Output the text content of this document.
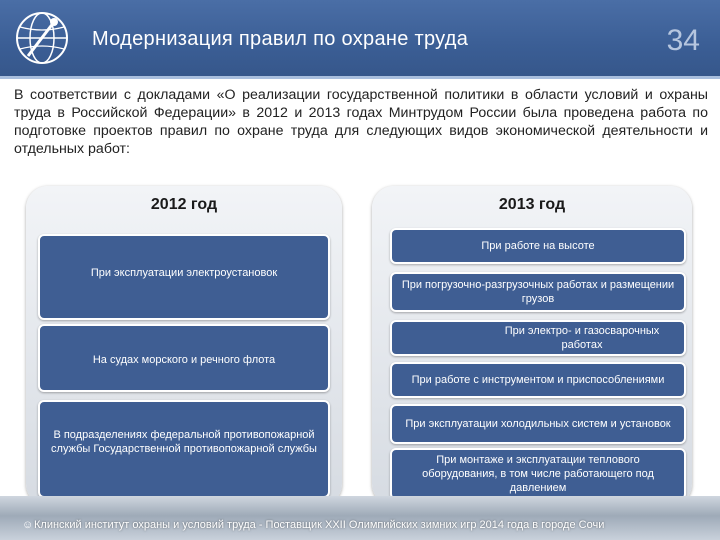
Модернизация правил по охране труда	34
В соответствии с докладами «О реализации государственной политики в области условий и охраны труда в Российской Федерации» в 2012 и 2013 годах Минтрудом России была проведена работа по подготовке проектов правил по охране труда для следующих видов экономической деятельности и отдельных работ:
2012 год	2013 год
При эксплуатации электроустановок
На судах морского и речного флота
В подразделениях федеральной противопожарной службы Государственной противопожарной службы
При работе на высоте
При погрузочно-разгрузочных работах и размещении грузов
При электро- и газосварочных работах
При работе с инструментом и приспособлениями
При эксплуатации холодильных систем и установок
При монтаже и эксплуатации теплового оборудования, в том числе работающего под давлением
☺ Клинский институт охраны и условий труда - Поставщик XXII Олимпийских зимних игр 2014 года в городе Сочи
